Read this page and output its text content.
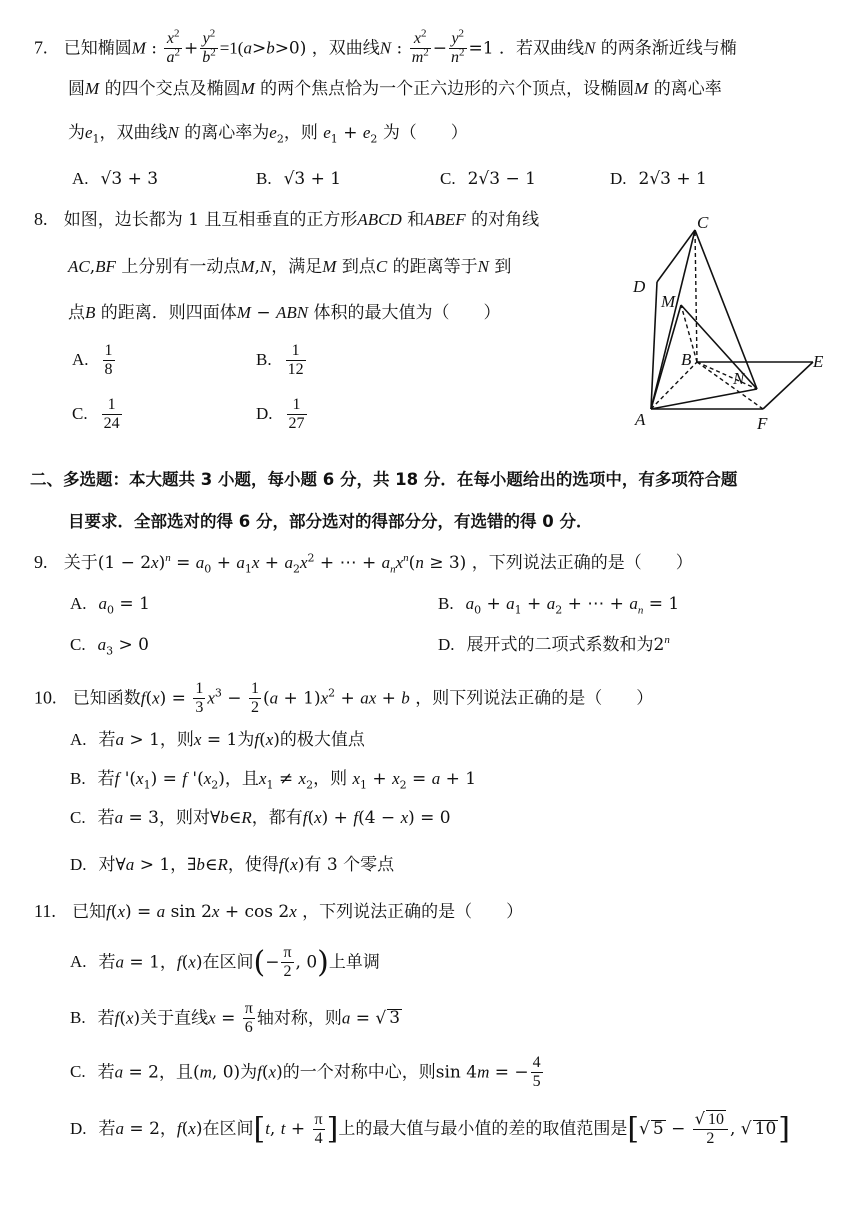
7. 已知椭圆M : $\frac{x^2}{a^2} + \frac{y^2}{b^2} =1(a>b>0)$ ，双曲线N : $\frac{x^2}{m^2} - \frac{y^2}{n^2} =1$ ．若双曲线N 的两条渐近线与椭
圆M 的四个交点及椭圆M 的两个焦点恰为一个正六边形的六个顶点，设椭圆M 的离心率
为$e_1$，双曲线N 的离心率为$e_2$，则 $e_1 + e_2$ 为（　　）
A. √3 + 3	B. √3 + 1	C. 2√3 − 1	D. 2√3 + 1
8. 如图，边长都为 1 且互相垂直的正方形ABCD 和ABEF 的对角线
AC,BF 上分别有一动点M,N，满足M 到点C 的距离等于N 到
点B 的距离．则四面体M − ABN 体积的最大值为（　　）
A. $\frac{1}{8}$	B. $\frac{1}{12}$
C. $\frac{1}{24}$	D. $\frac{1}{27}$
C
D
M
B	E
N
A	F
二、多选题：本大题共 3 小题，每小题 6 分，共 18 分．在每小题给出的选项中，有多项符合题
目要求．全部选对的得 6 分，部分选对的得部分分，有选错的得 0 分．
9. 关于$(1 - 2x)^n = a_0 + a_1x + a_2x^2$ + ⋯ + $a_nx^n(n \ge 3)$ ，下列说法正确的是（　　）
A. $a_0 = 1$	B. $a_0 + a_1 + a_2$ + ⋯ + $a_n = 1$
C. $a_3 > 0$	D. 展开式的二项式系数和为2$^n$
10. 已知函数$f(x) = \frac{1}{3} x^3 - \frac{1}{2} (a + 1)x^2$ + ax + b ，则下列说法正确的是（　　）
A. 若a > 1，则x = 1为f(x)的极大值点
B. 若f '$(x_1) = f$ '$(x_2)$，且$x_1 \ne x_2$，则 $x_1 + x_2 = a + 1$
C. 若a = 3，则对∀b∈R，都有f(x) + f(4 − x) = 0
D. 对∀a > 1，∃b∈R，使得f(x)有 3 个零点
11. 已知f(x) = a sin 2x + cos 2x ，下列说法正确的是（　　）
A. 若a = 1，f(x)在区间(− $\frac{\pi}{2}$ , 0)上单调
B. 若f(x)关于直线$x = \frac{\pi}{6}$ 轴对称，则a = √ 3
C. 若a = 2，且(m, 0)为f(x)的一个对称中心，则sin 4m = − $\frac{4}{5}$
D. 若a = 2，f(x)在区间[t, $t + \frac{\pi}{4}$ ]上的最大值与最小值的差的取值范围是[√ $5 - \frac{√ 10}{2}$ , √ 10]
